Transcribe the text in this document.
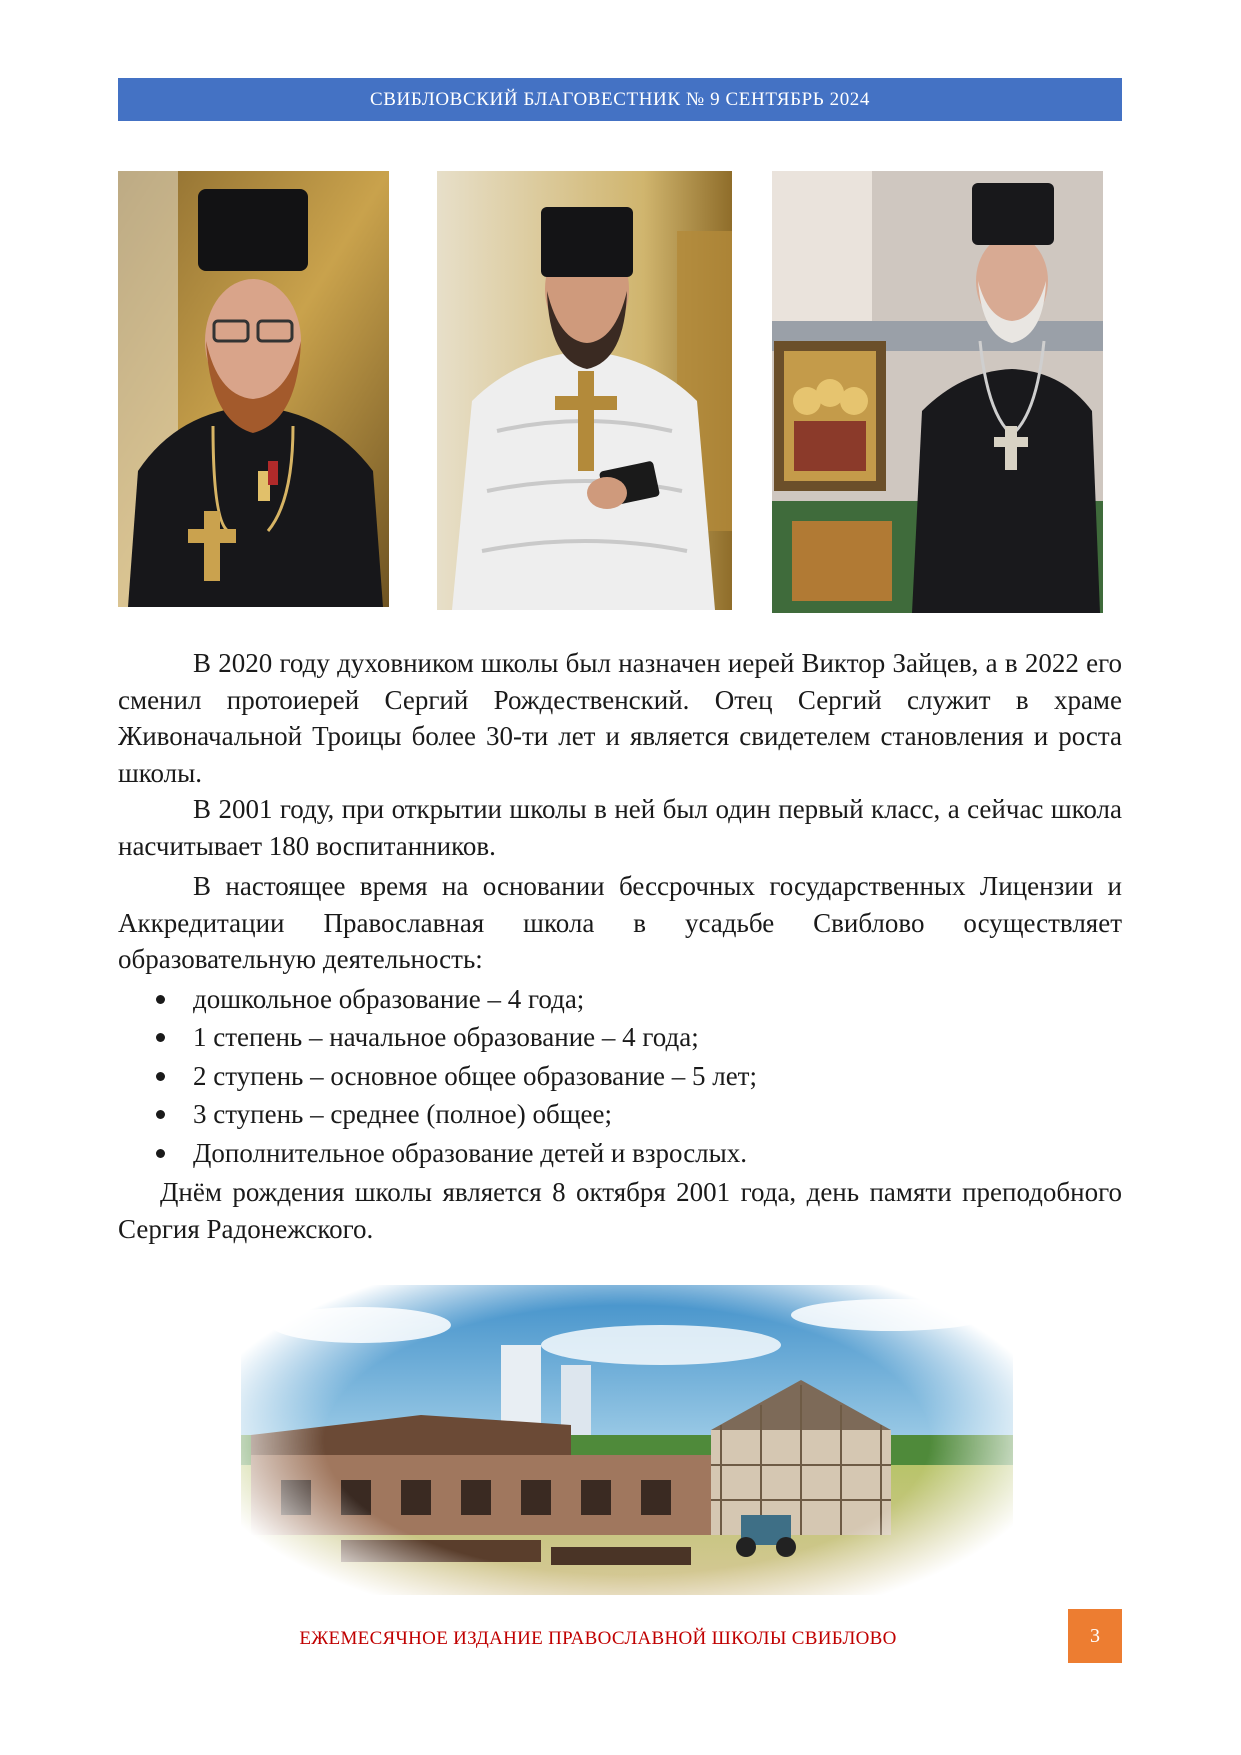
СВИБЛОВСКИЙ БЛАГОВЕСТНИК № 9 СЕНТЯБРЬ 2024

В 2020 году духовником школы был назначен иерей Виктор Зайцев, а в 2022 его сменил протоиерей Сергий Рождественский. Отец Сергий служит в храме Живоначальной Троицы более 30-ти лет и является свидетелем становления и роста школы.

В 2001 году, при открытии школы в ней был один первый класс, а сейчас школа насчитывает 180 воспитанников.

В настоящее время на основании бессрочных государственных Лицензии и Аккредитации Православная школа в усадьбе Свиблово осуществляет образовательную деятельность:

дошкольное образование – 4 года;
1 степень – начальное образование – 4 года;
2 ступень – основное общее образование – 5 лет;
3 ступень – среднее (полное) общее;
Дополнительное образование детей и взрослых.

Днём рождения школы является 8 октября 2001 года, день памяти преподобного Сергия Радонежского.

ЕЖЕМЕСЯЧНОЕ ИЗДАНИЕ ПРАВОСЛАВНОЙ ШКОЛЫ СВИБЛОВО	3
